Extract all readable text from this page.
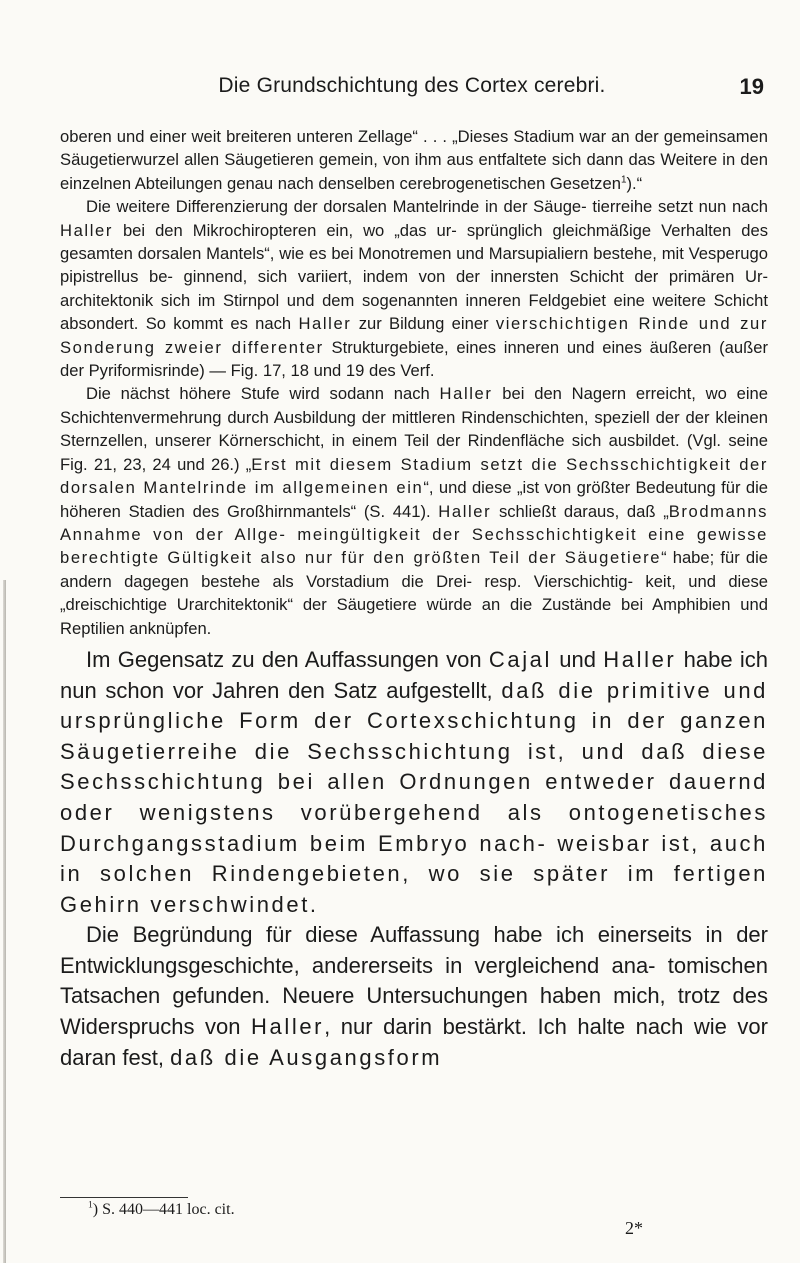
Die Grundschichtung des Cortex cerebri.	19

oberen und einer weit breiteren unteren Zellage“ . . . „Dieses Stadium war an der gemeinsamen Säugetierwurzel allen Säugetieren gemein, von ihm aus entfaltete sich dann das Weitere in den einzelnen Abteilungen genau nach denselben cerebrogenetischen Gesetzen$^1$).“

Die weitere Differenzierung der dorsalen Mantelrinde in der Säuge- tierreihe setzt nun nach Haller bei den Mikrochiropteren ein, wo „das ur- sprünglich gleichmäßige Verhalten des gesamten dorsalen Mantels“, wie es bei Monotremen und Marsupialiern bestehe, mit Vesperugo pipistrellus be- ginnend, sich variiert, indem von der innersten Schicht der primären Ur- architektonik sich im Stirnpol und dem sogenannten inneren Feldgebiet eine weitere Schicht absondert. So kommt es nach Haller zur Bildung einer vierschichtigen Rinde und zur Sonderung zweier differenter Strukturgebiete, eines inneren und eines äußeren (außer der Pyriformisrinde) — Fig. 17, 18 und 19 des Verf.

Die nächst höhere Stufe wird sodann nach Haller bei den Nagern erreicht, wo eine Schichtenvermehrung durch Ausbildung der mittleren Rindenschichten, speziell der der kleinen Sternzellen, unserer Körnerschicht, in einem Teil der Rindenfläche sich ausbildet. (Vgl. seine Fig. 21, 23, 24 und 26.) „Erst mit diesem Stadium setzt die Sechsschichtigkeit der dorsalen Mantelrinde im allgemeinen ein“, und diese „ist von größter Bedeutung für die höheren Stadien des Großhirnmantels“ (S. 441). Haller schließt daraus, daß „Brodmanns Annahme von der Allge- meingültigkeit der Sechsschichtigkeit eine gewisse berechtigte Gültigkeit also nur für den größten Teil der Säugetiere“ habe; für die andern dagegen bestehe als Vorstadium die Drei- resp. Vierschichtig- keit, und diese „dreischichtige Urarchitektonik“ der Säugetiere würde an die Zustände bei Amphibien und Reptilien anknüpfen.

Im Gegensatz zu den Auffassungen von Cajal und Haller habe ich nun schon vor Jahren den Satz aufgestellt, daß die primitive und ursprüngliche Form der Cortexschichtung in der ganzen Säugetierreihe die Sechsschichtung ist, und daß diese Sechsschichtung bei allen Ordnungen entweder dauernd oder wenigstens vorübergehend als ontogenetisches Durchgangsstadium beim Embryo nach- weisbar ist, auch in solchen Rindengebieten, wo sie später im fertigen Gehirn verschwindet.

Die Begründung für diese Auffassung habe ich einerseits in der Entwicklungsgeschichte, andererseits in vergleichend ana- tomischen Tatsachen gefunden. Neuere Untersuchungen haben mich, trotz des Widerspruchs von Haller, nur darin bestärkt. Ich halte nach wie vor daran fest, daß die Ausgangsform

$^1$) S. 440—441 loc. cit.
2*
